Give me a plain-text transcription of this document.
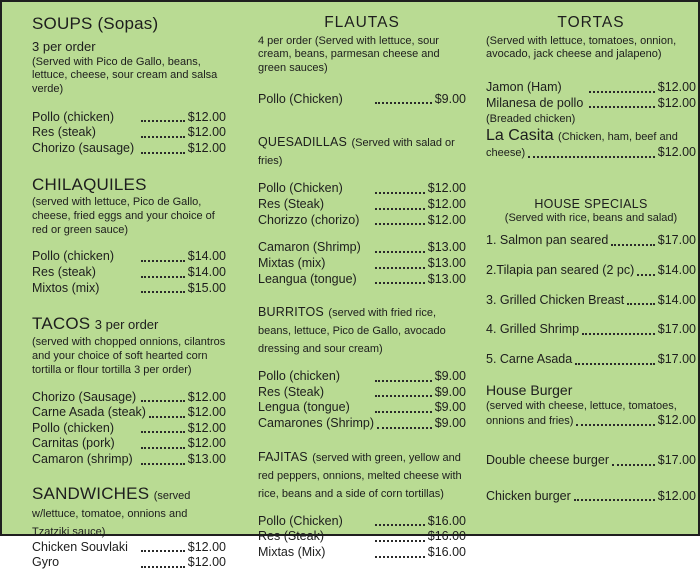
SOUPS (Sopas)
3 per order
(Served with Pico de Gallo, beans, lettuce, cheese, sour cream and salsa verde)
Pollo (chicken)	$12.00
Res (steak)	$12.00
Chorizo (sausage)	$12.00
CHILAQUILES
(served with lettuce, Pico de Gallo, cheese, fried eggs and your choice of red or green sauce)
Pollo (chicken)	$14.00
Res (steak)	$14.00
Mixtos (mix)	$15.00
TACOS 3 per order
(served with chopped onnions, cilantros and your choice of soft hearted corn tortilla or flour tortilla 3 per order)
Chorizo (Sausage)	$12.00
Carne Asada (steak)	$12.00
Pollo (chicken)	$12.00
Carnitas (pork)	$12.00
Camaron (shrimp)	$13.00
SANDWICHES (served w/lettuce, tomatoe, onnions and Tzatziki sauce)
Chicken Souvlaki	$12.00
Gyro	$12.00
FLAUTAS
4 per order (Served with lettuce, sour cream, beans, parmesan cheese and green sauces)
Pollo (Chicken)	$9.00
QUESADILLAS (Served with salad or fries)
Pollo (Chicken)	$12.00
Res (Steak)	$12.00
Chorizzo (chorizo)	$12.00
Camaron (Shrimp)	$13.00
Mixtas (mix)	$13.00
Leangua (tongue)	$13.00
BURRITOS (served with fried rice, beans, lettuce, Pico de Gallo, avocado dressing and sour cream)
Pollo (chicken)	$9.00
Res (Steak)	$9.00
Lengua (tongue)	$9.00
Camarones (Shrimp)	$9.00
FAJITAS (served with green, yellow and red peppers, onnions, melted cheese with rice, beans and a side of corn tortillas)
Pollo (Chicken)	$16.00
Res (Steak)	$16.00
Mixtas (Mix)	$16.00
TORTAS
(Served with lettuce, tomatoes, onnion, avocado, jack cheese and jalapeno)
Jamon (Ham)	$12.00
Milanesa de pollo	$12.00
(Breaded chicken)
La Casita (Chicken, ham, beef and
cheese)	$12.00
HOUSE SPECIALS
(Served with rice, beans and salad)
1. Salmon pan seared	$17.00
2.Tilapia pan seared (2 pc) $14.00
3. Grilled Chicken Breast	$14.00
4. Grilled Shrimp	$17.00
5. Carne Asada	$17.00
House Burger
(served with cheese, lettuce, tomatoes,
onnions and fries)	$12.00
Double cheese burger	$17.00
Chicken burger	$12.00
